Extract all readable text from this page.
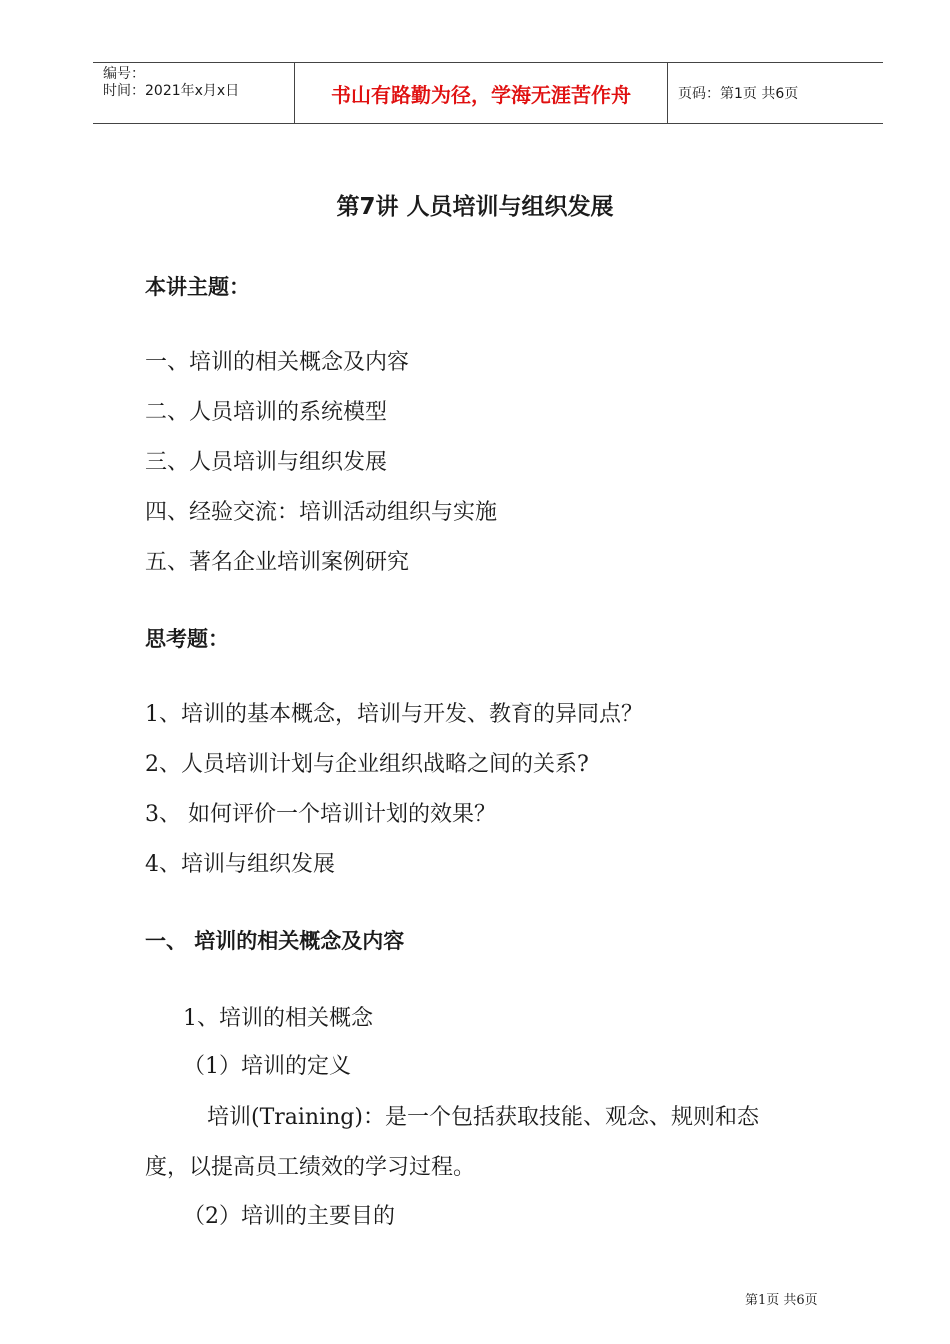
编号：
时间：2021年x月x日	书山有路勤为径，学海无涯苦作舟	页码：第1页 共6页
第7讲 人员培训与组织发展
本讲主题：
一、培训的相关概念及内容
二、人员培训的系统模型
三、人员培训与组织发展
四、经验交流：培训活动组织与实施
五、著名企业培训案例研究
思考题：
1、培训的基本概念，培训与开发、教育的异同点？
2、人员培训计划与企业组织战略之间的关系?
3、 如何评价一个培训计划的效果？
4、培训与组织发展
一、 培训的相关概念及内容
1、培训的相关概念
（1）培训的定义
培训(Training)：是一个包括获取技能、观念、规则和态
度，以提高员工绩效的学习过程。
（2）培训的主要目的
第1页 共6页
